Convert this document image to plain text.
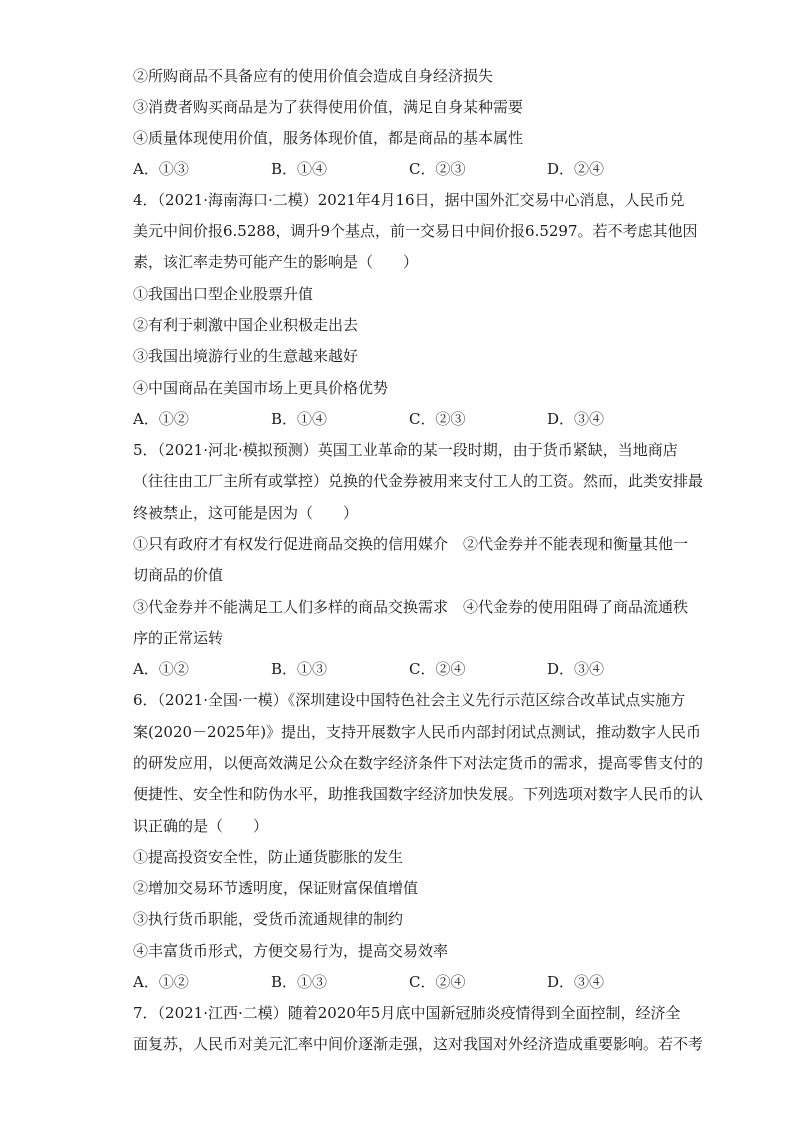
②所购商品不具备应有的使用价值会造成自身经济损失
③消费者购买商品是为了获得使用价值，满足自身某种需要
④质量体现使用价值，服务体现价值，都是商品的基本属性
A．①③	B．①④	C．②③	D．②④
4．（2021·海南海口·二模）2021年4月16日，据中国外汇交易中心消息，人民币兑
美元中间价报6.5288，调升9个基点，前一交易日中间价报6.5297。若不考虑其他因
素，该汇率走势可能产生的影响是（　　）
①我国出口型企业股票升值
②有利于刺激中国企业积极走出去
③我国出境游行业的生意越来越好
④中国商品在美国市场上更具价格优势
A．①②	B．①④	C．②③	D．③④
5．（2021·河北·模拟预测）英国工业革命的某一段时期，由于货币紧缺，当地商店
（往往由工厂主所有或掌控）兑换的代金券被用来支付工人的工资。然而，此类安排最
终被禁止，这可能是因为（　　）
①只有政府才有权发行促进商品交换的信用媒介　②代金券并不能表现和衡量其他一
切商品的价值
③代金券并不能满足工人们多样的商品交换需求　④代金券的使用阻碍了商品流通秩
序的正常运转
A．①②	B．①③	C．②④	D．③④
6．（2021·全国·一模）《深圳建设中国特色社会主义先行示范区综合改革试点实施方
案(2020－2025年)》提出，支持开展数字人民币内部封闭试点测试，推动数字人民币
的研发应用，以便高效满足公众在数字经济条件下对法定货币的需求，提高零售支付的
便捷性、安全性和防伪水平，助推我国数字经济加快发展。下列选项对数字人民币的认
识正确的是（　　）
①提高投资安全性，防止通货膨胀的发生
②增加交易环节透明度，保证财富保值增值
③执行货币职能，受货币流通规律的制约
④丰富货币形式，方便交易行为，提高交易效率
A．①②	B．①③	C．②④	D．③④
7．（2021·江西·二模）随着2020年5月底中国新冠肺炎疫情得到全面控制，经济全
面复苏，人民币对美元汇率中间价逐渐走强，这对我国对外经济造成重要影响。若不考
